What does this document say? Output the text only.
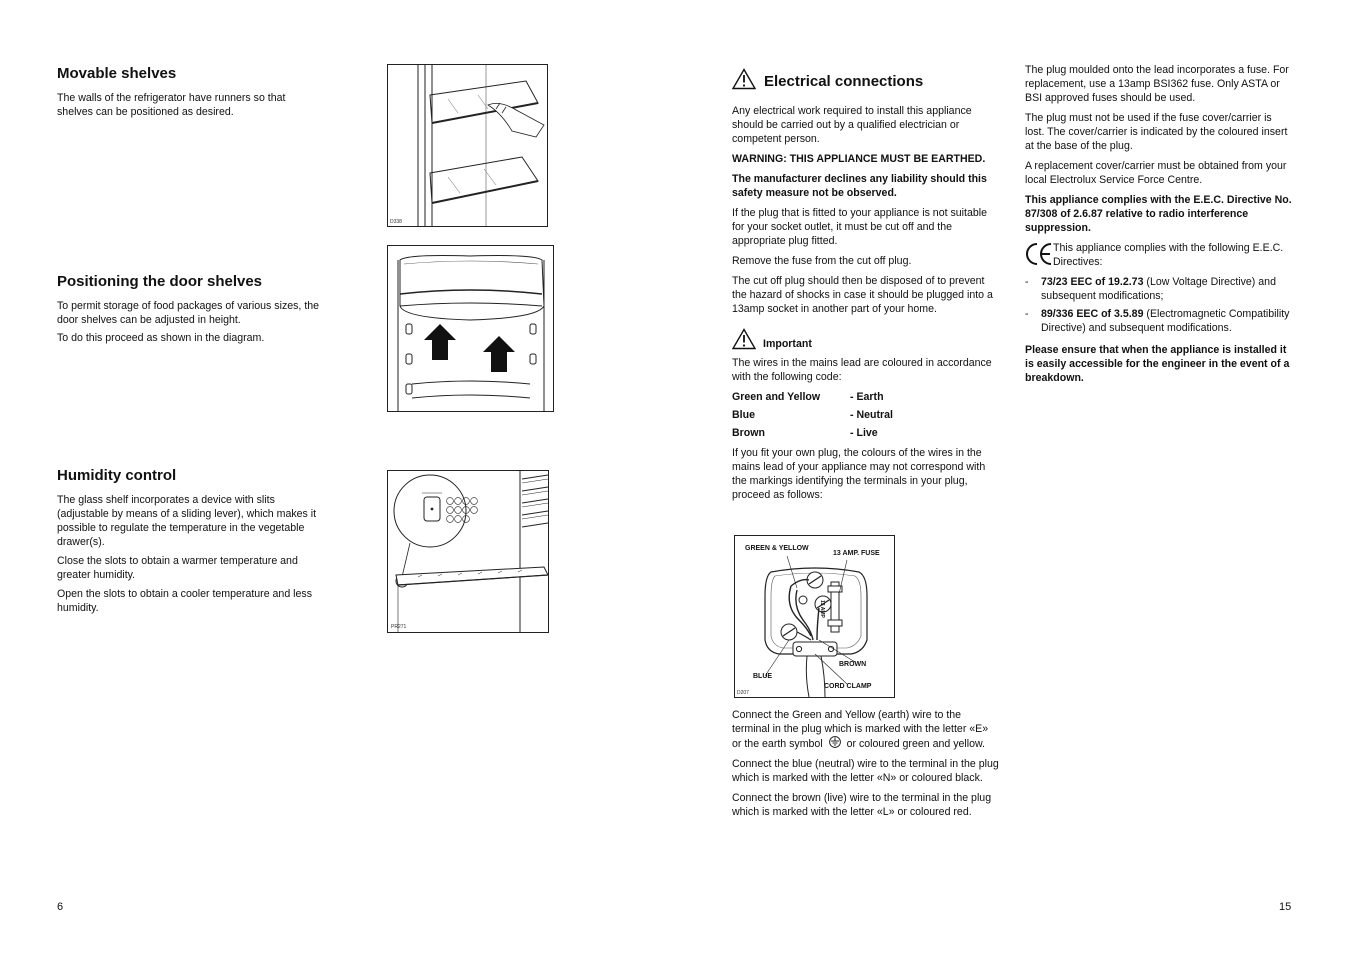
Movable shelves

The walls of the refrigerator have runners so that shelves can be positioned as desired.

D338
Positioning the door shelves

To permit storage of food packages of various sizes, the door shelves can be adjusted in height.

To do this proceed as shown in the diagram.

Humidity control

The glass shelf incorporates a device with slits (adjustable by means of a sliding lever), which makes it possible to regulate the temperature in the vegetable drawer(s).

Close the slots to obtain a warmer temperature and greater humidity.

Open the slots to obtain a cooler temperature and less humidity.

PR271
6
Electrical connections

Any electrical work required to install this appliance should be carried out by a qualified electrician or competent person.

WARNING: THIS APPLIANCE MUST BE EARTHED.

The manufacturer declines any liability should this safety measure not be observed.

If the plug that is fitted to your appliance is not suitable for your socket outlet, it must be cut off and the appropriate plug fitted.

Remove the fuse from the cut off plug.

The cut off plug should then be disposed of to prevent the hazard of shocks in case it should be plugged into a 13amp socket in another part of your home.

Important

The wires in the mains lead are coloured in accordance with the following code:

Green and Yellow	- Earth
Blue	- Neutral
Brown	- Live

If you fit your own plug, the colours of the wires in the mains lead of your appliance may not correspond with the markings identifying the terminals in your plug, proceed as follows:

GREEN & YELLOW
13 AMP. FUSE
13 AMP
BROWN
BLUE
CORD CLAMP
D207

Connect the Green and Yellow (earth) wire to the terminal in the plug which is marked with the letter «E» or the earth symbol or coloured green and yellow.

Connect the blue (neutral) wire to the terminal in the plug which is marked with the letter «N» or coloured black.

Connect the brown (live) wire to the terminal in the plug which is marked with the letter «L» or coloured red.

The plug moulded onto the lead incorporates a fuse. For replacement, use a 13amp BSI362 fuse. Only ASTA or BSI approved fuses should be used.

The plug must not be used if the fuse cover/carrier is lost. The cover/carrier is indicated by the coloured insert at the base of the plug.

A replacement cover/carrier must be obtained from your local Electrolux Service Force Centre.

This appliance complies with the E.E.C. Directive No. 87/308 of 2.6.87 relative to radio interference suppression.

This appliance complies with the following E.E.C. Directives:

- 73/23 EEC of 19.2.73 (Low Voltage Directive) and subsequent modifications;
- 89/336 EEC of 3.5.89 (Electromagnetic Compatibility Directive) and subsequent modifications.

Please ensure that when the appliance is installed it is easily accessible for the engineer in the event of a breakdown.

15
